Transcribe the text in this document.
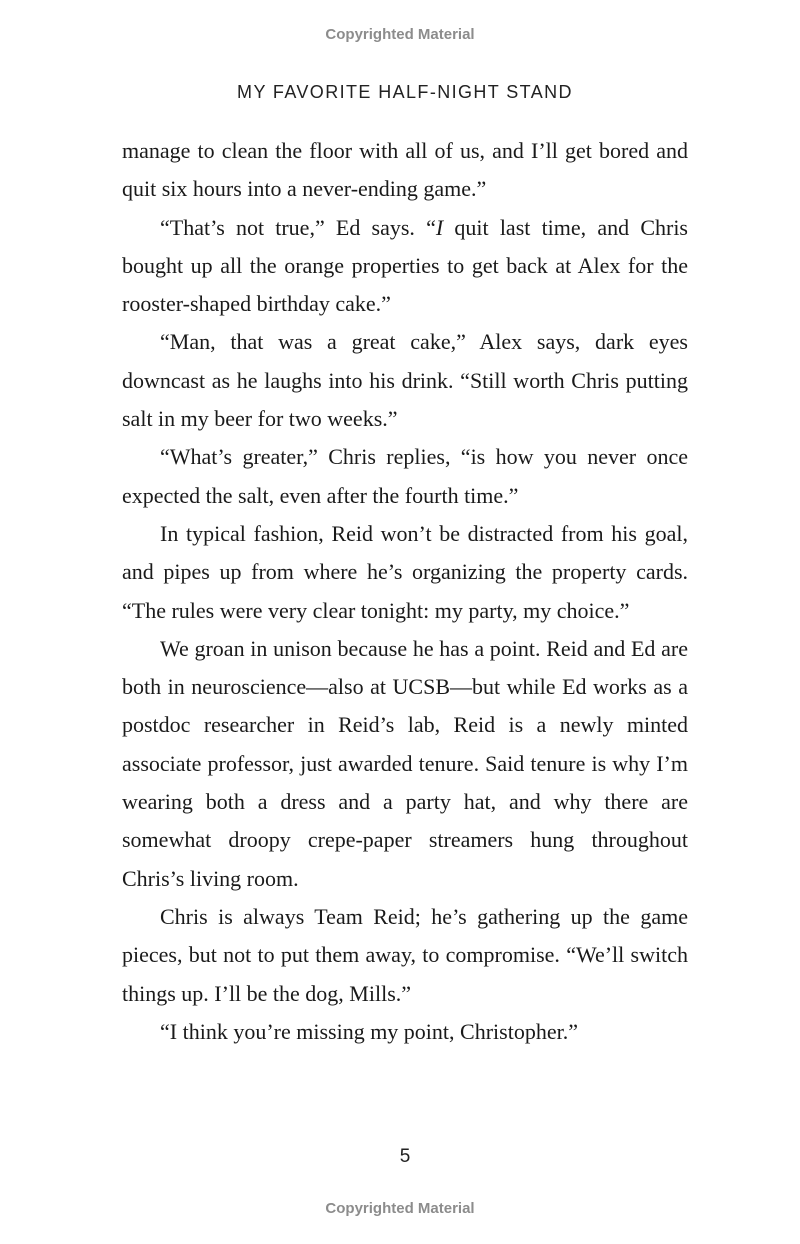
Copyrighted Material
MY FAVORITE HALF-NIGHT STAND

manage to clean the floor with all of us, and I’ll get bored and quit six hours into a never-ending game.”

“That’s not true,” Ed says. “I quit last time, and Chris bought up all the orange properties to get back at Alex for the rooster-shaped birthday cake.”

“Man, that was a great cake,” Alex says, dark eyes downcast as he laughs into his drink. “Still worth Chris putting salt in my beer for two weeks.”

“What’s greater,” Chris replies, “is how you never once expected the salt, even after the fourth time.”

In typical fashion, Reid won’t be distracted from his goal, and pipes up from where he’s organizing the property cards. “The rules were very clear tonight: my party, my choice.”

We groan in unison because he has a point. Reid and Ed are both in neuroscience—also at UCSB—but while Ed works as a postdoc researcher in Reid’s lab, Reid is a newly minted associate professor, just awarded tenure. Said tenure is why I’m wearing both a dress and a party hat, and why there are somewhat droopy crepe-paper streamers hung throughout Chris’s living room.

Chris is always Team Reid; he’s gathering up the game pieces, but not to put them away, to compromise. “We’ll switch things up. I’ll be the dog, Mills.”

“I think you’re missing my point, Christopher.”

5
Copyrighted Material
